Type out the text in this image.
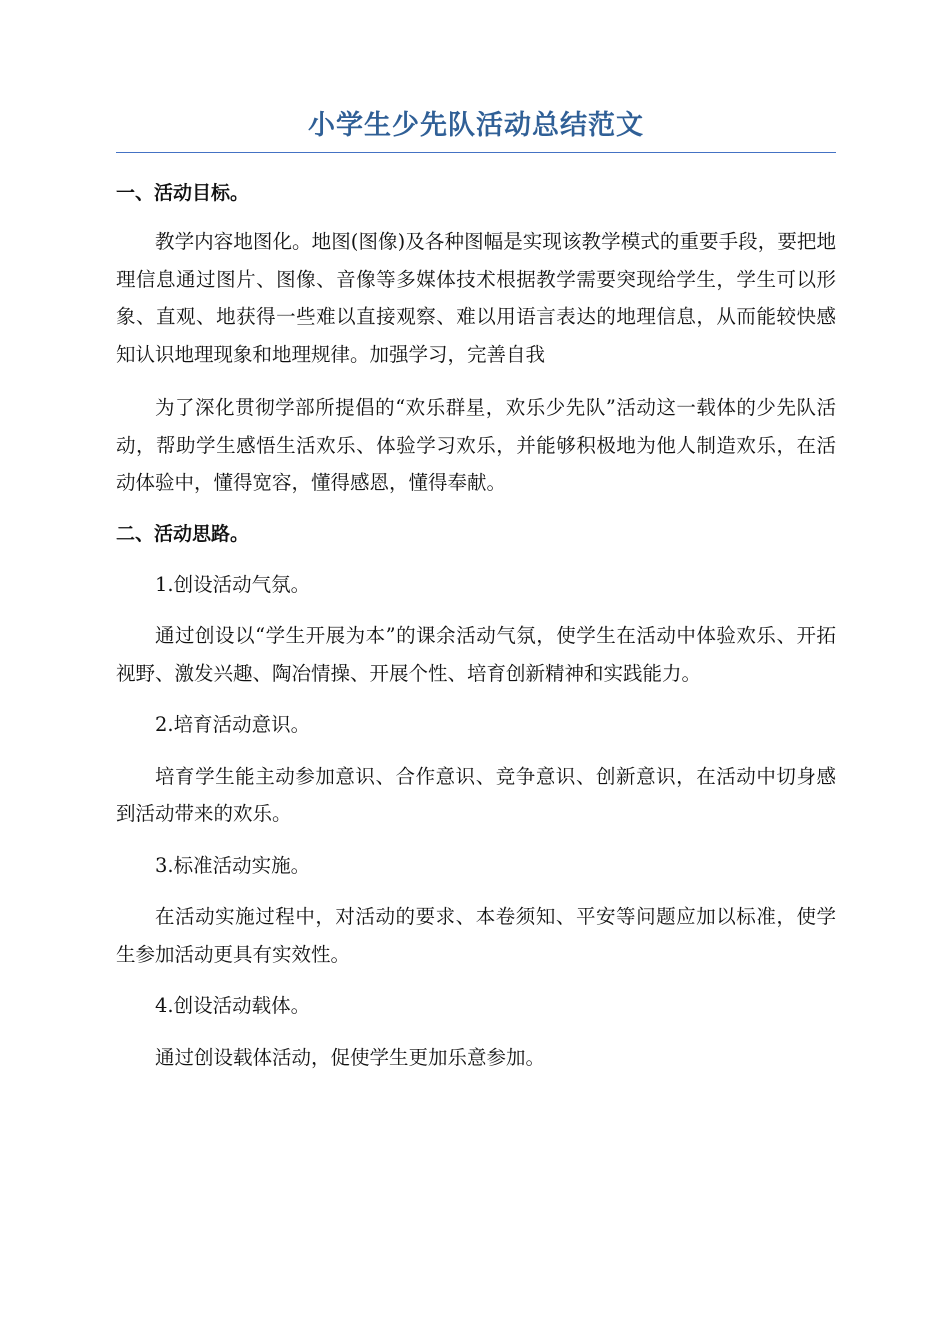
小学生少先队活动总结范文

一、活动目标。

教学内容地图化。地图(图像)及各种图幅是实现该教学模式的重要手段，要把地理信息通过图片、图像、音像等多媒体技术根据教学需要突现给学生，学生可以形象、直观、地获得一些难以直接观察、难以用语言表达的地理信息，从而能较快感知认识地理现象和地理规律。加强学习，完善自我

为了深化贯彻学部所提倡的“欢乐群星，欢乐少先队”活动这一载体的少先队活动，帮助学生感悟生活欢乐、体验学习欢乐，并能够积极地为他人制造欢乐，在活动体验中，懂得宽容，懂得感恩，懂得奉献。

二、活动思路。

1.创设活动气氛。

通过创设以“学生开展为本”的课余活动气氛，使学生在活动中体验欢乐、开拓视野、激发兴趣、陶冶情操、开展个性、培育创新精神和实践能力。

2.培育活动意识。

培育学生能主动参加意识、合作意识、竞争意识、创新意识，在活动中切身感到活动带来的欢乐。

3.标准活动实施。

在活动实施过程中，对活动的要求、本卷须知、平安等问题应加以标准，使学生参加活动更具有实效性。

4.创设活动载体。

通过创设载体活动，促使学生更加乐意参加。
